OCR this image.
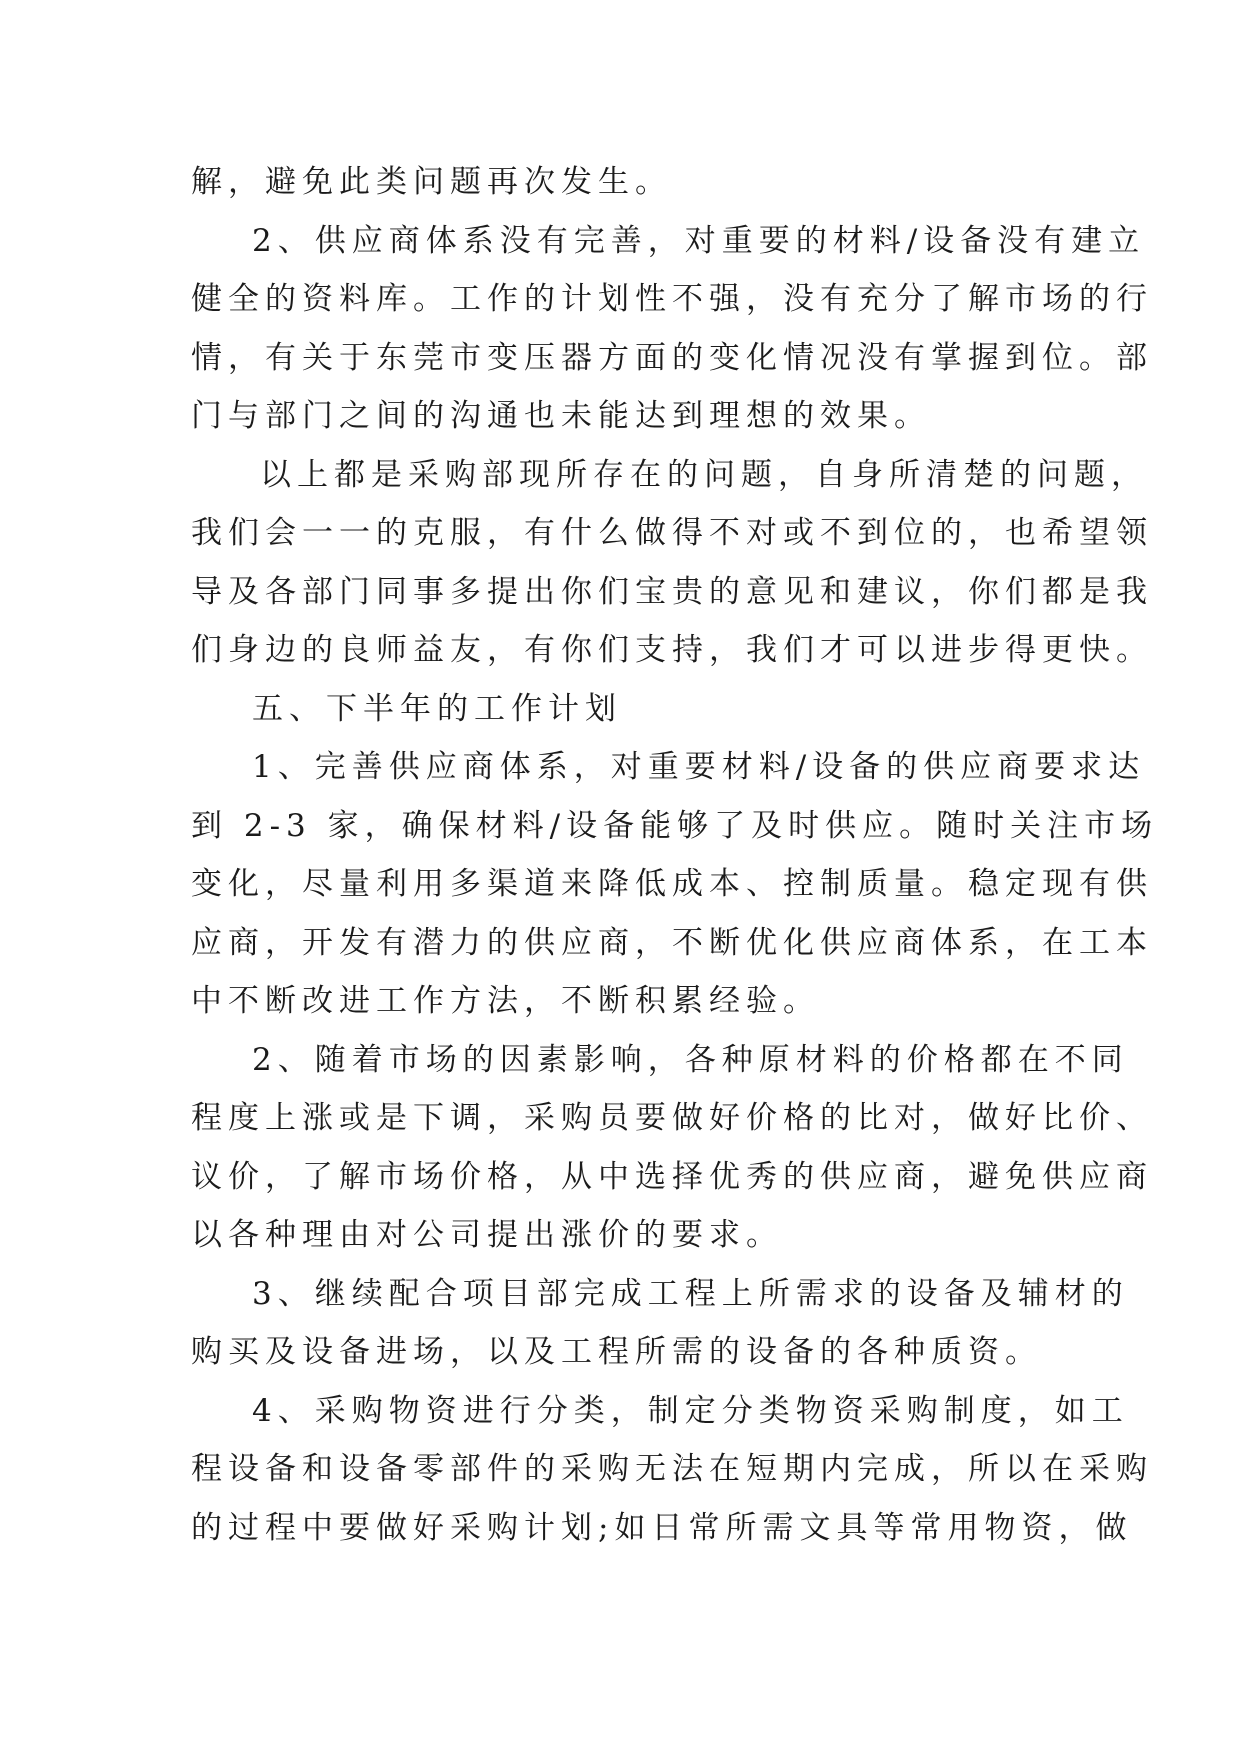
解，避免此类问题再次发生。
2、供应商体系没有完善，对重要的材料/设备没有建立
健全的资料库。工作的计划性不强，没有充分了解市场的行
情，有关于东莞市变压器方面的变化情况没有掌握到位。部
门与部门之间的沟通也未能达到理想的效果。
以上都是采购部现所存在的问题，自身所清楚的问题，
我们会一一的克服，有什么做得不对或不到位的，也希望领
导及各部门同事多提出你们宝贵的意见和建议，你们都是我
们身边的良师益友，有你们支持，我们才可以进步得更快。
五、下半年的工作计划
1、完善供应商体系，对重要材料/设备的供应商要求达
到 2-3 家，确保材料/设备能够了及时供应。随时关注市场
变化，尽量利用多渠道来降低成本、控制质量。稳定现有供
应商，开发有潜力的供应商，不断优化供应商体系，在工本
中不断改进工作方法，不断积累经验。
2、随着市场的因素影响，各种原材料的价格都在不同
程度上涨或是下调，采购员要做好价格的比对，做好比价、
议价，了解市场价格，从中选择优秀的供应商，避免供应商
以各种理由对公司提出涨价的要求。
3、继续配合项目部完成工程上所需求的设备及辅材的
购买及设备进场，以及工程所需的设备的各种质资。
4、采购物资进行分类，制定分类物资采购制度，如工
程设备和设备零部件的采购无法在短期内完成，所以在采购
的过程中要做好采购计划;如日常所需文具等常用物资，做
